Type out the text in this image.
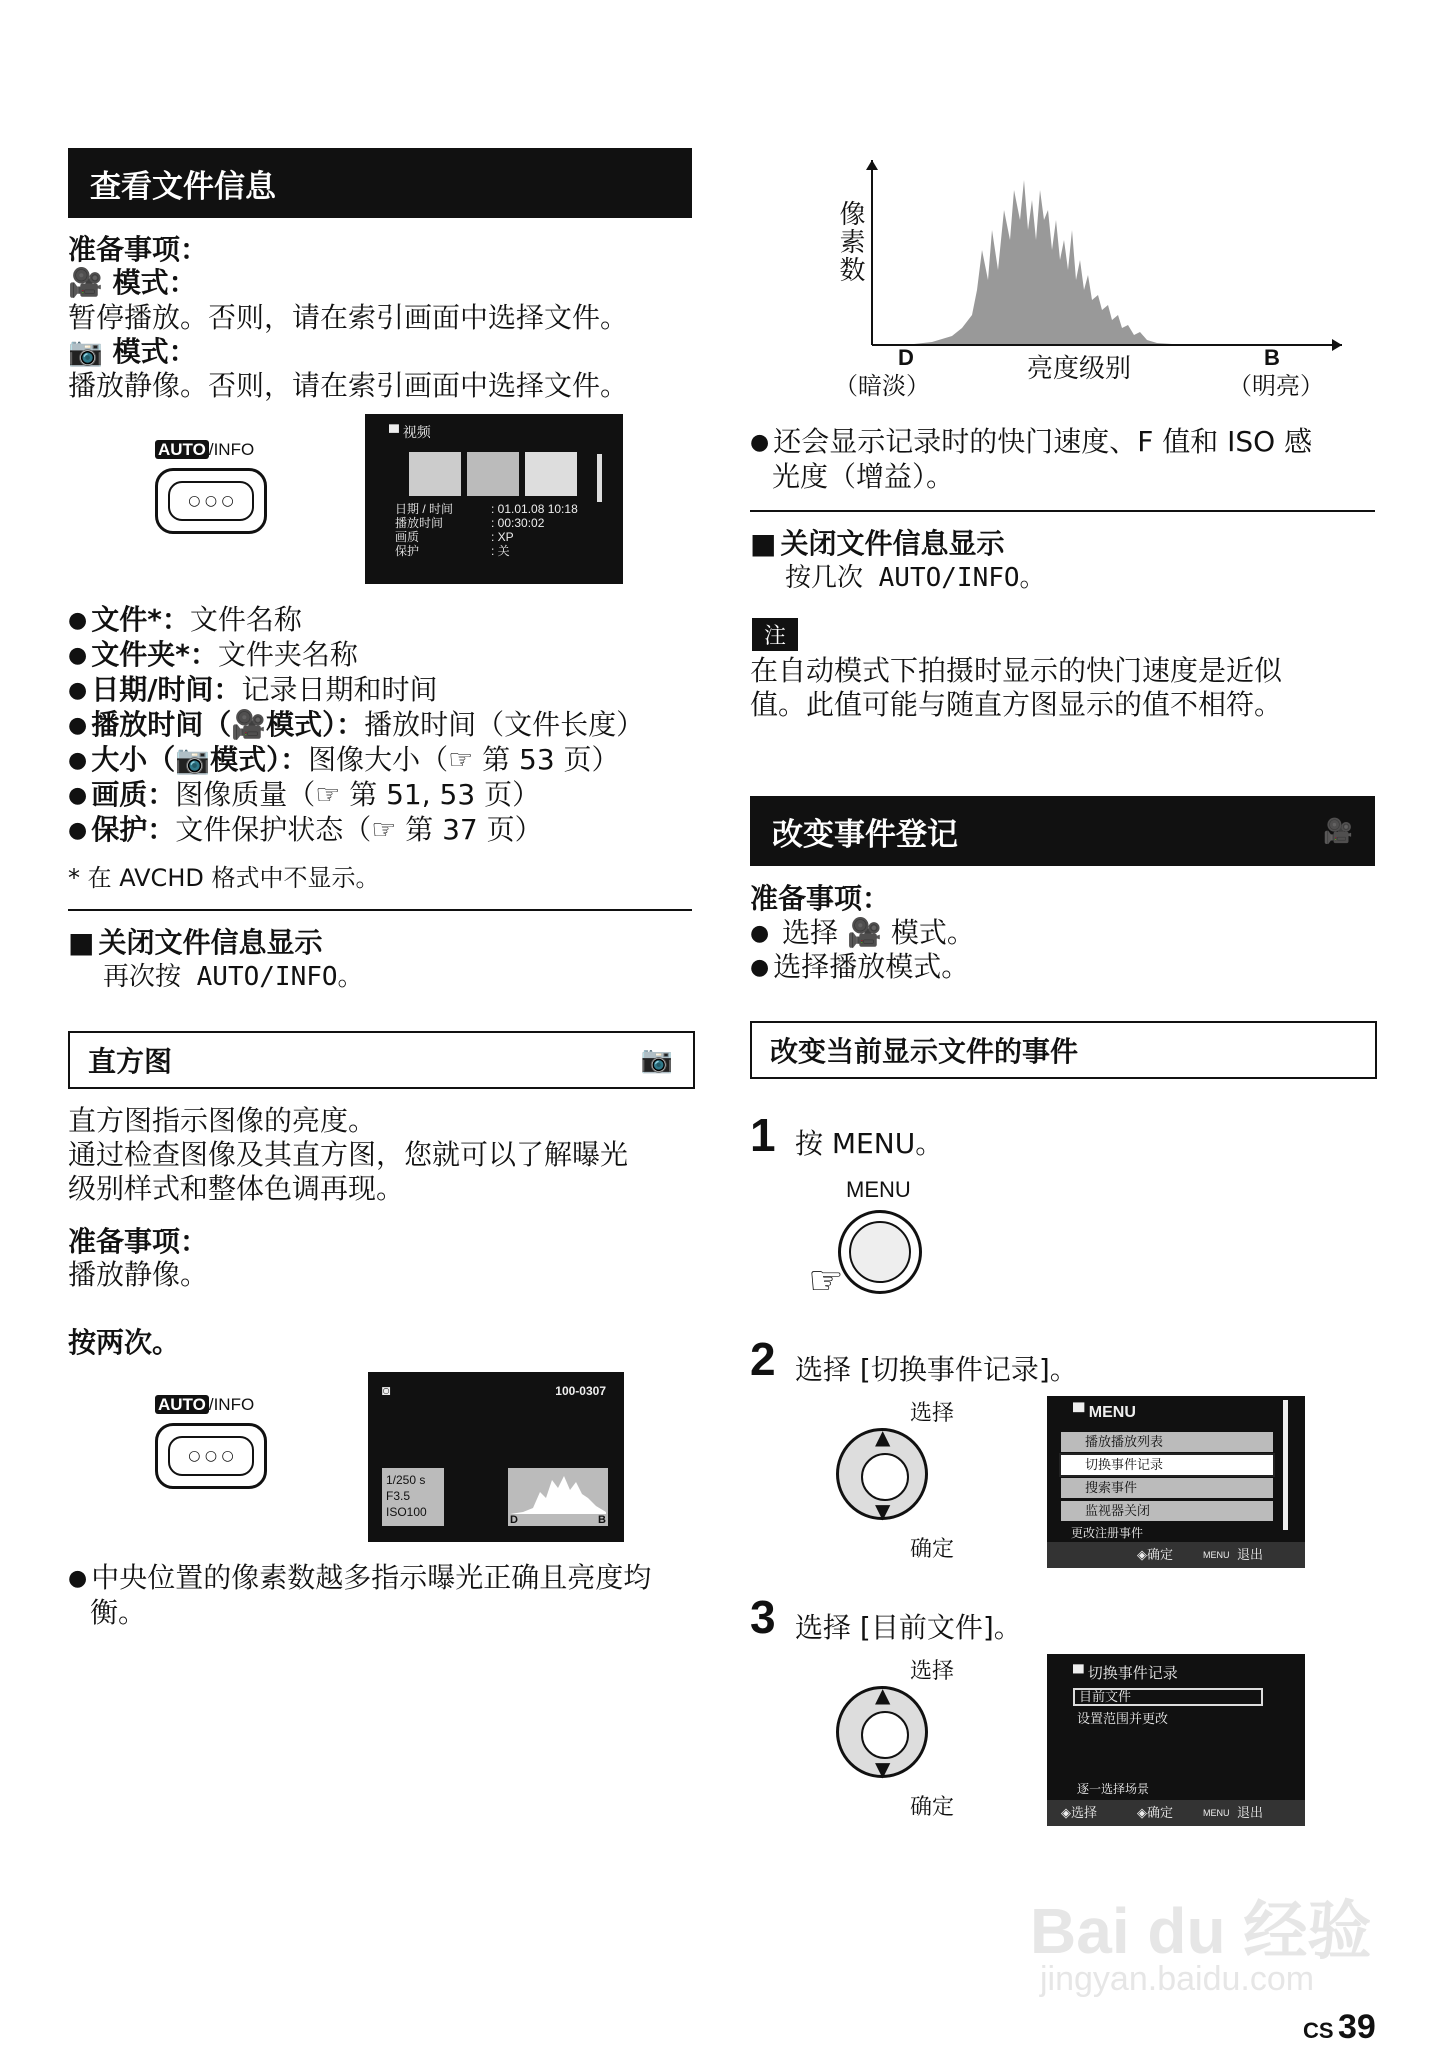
查看文件信息
准备事项：
🎥 模式：
暂停播放。否则，请在索引画面中选择文件。
📷 模式：
播放静像。否则，请在索引画面中选择文件。
AUTO /INFO
○ ○ ○
▀ 视频
日期 / 时间	: 01.01.08 10:18
播放时间	: 00:30:02
画质	: XP
保护	: 关
● 文件*：文件名称
● 文件夹*：文件夹名称
● 日期/时间：记录日期和时间
● 播放时间（🎥模式）：播放时间（文件长度）
● 大小（📷模式）：图像大小（☞ 第 53 页）
● 画质：图像质量（☞ 第 51, 53 页）
● 保护：文件保护状态（☞ 第 37 页）
* 在 AVCHD 格式中不显示。
■ 关闭文件信息显示
再次按 AUTO/INFO。
直方图	📷
直方图指示图像的亮度。
通过检查图像及其直方图，您就可以了解曝光
级别样式和整体色调再现。
准备事项：
播放静像。
按两次。
AUTO /INFO
○ ○ ○
◙	100-0307
1/250 s
F3.5
ISO100
D	B
● 中央位置的像素数越多指示曝光正确且亮度均
衡。
像素数
D
（暗淡）
亮度级别	B
（明亮）
● 还会显示记录时的快门速度、F 值和 ISO 感
光度（增益）。
■ 关闭文件信息显示
按几次 AUTO/INFO。
注
在自动模式下拍摄时显示的快门速度是近似
值。此值可能与随直方图显示的值不相符。
改变事件登记	🎥
准备事项：
● 选择 🎥 模式。
● 选择播放模式。
改变当前显示文件的事件
1 按 MENU。
MENU
☞
2 选择 [切换事件记录]。
选择
▲
▼
确定
▀ MENU
播放播放列表
切换事件记录
搜索事件
监视器关闭
更改注册事件
◈确定	MENU 退出
3 选择 [目前文件]。
选择
▲
▼
确定
▀ 切换事件记录
目前文件
设置范围并更改
逐一选择场景
◈选择	◈确定	MENU 退出
Bai du 经验
jingyan.baidu.com
CS 39
